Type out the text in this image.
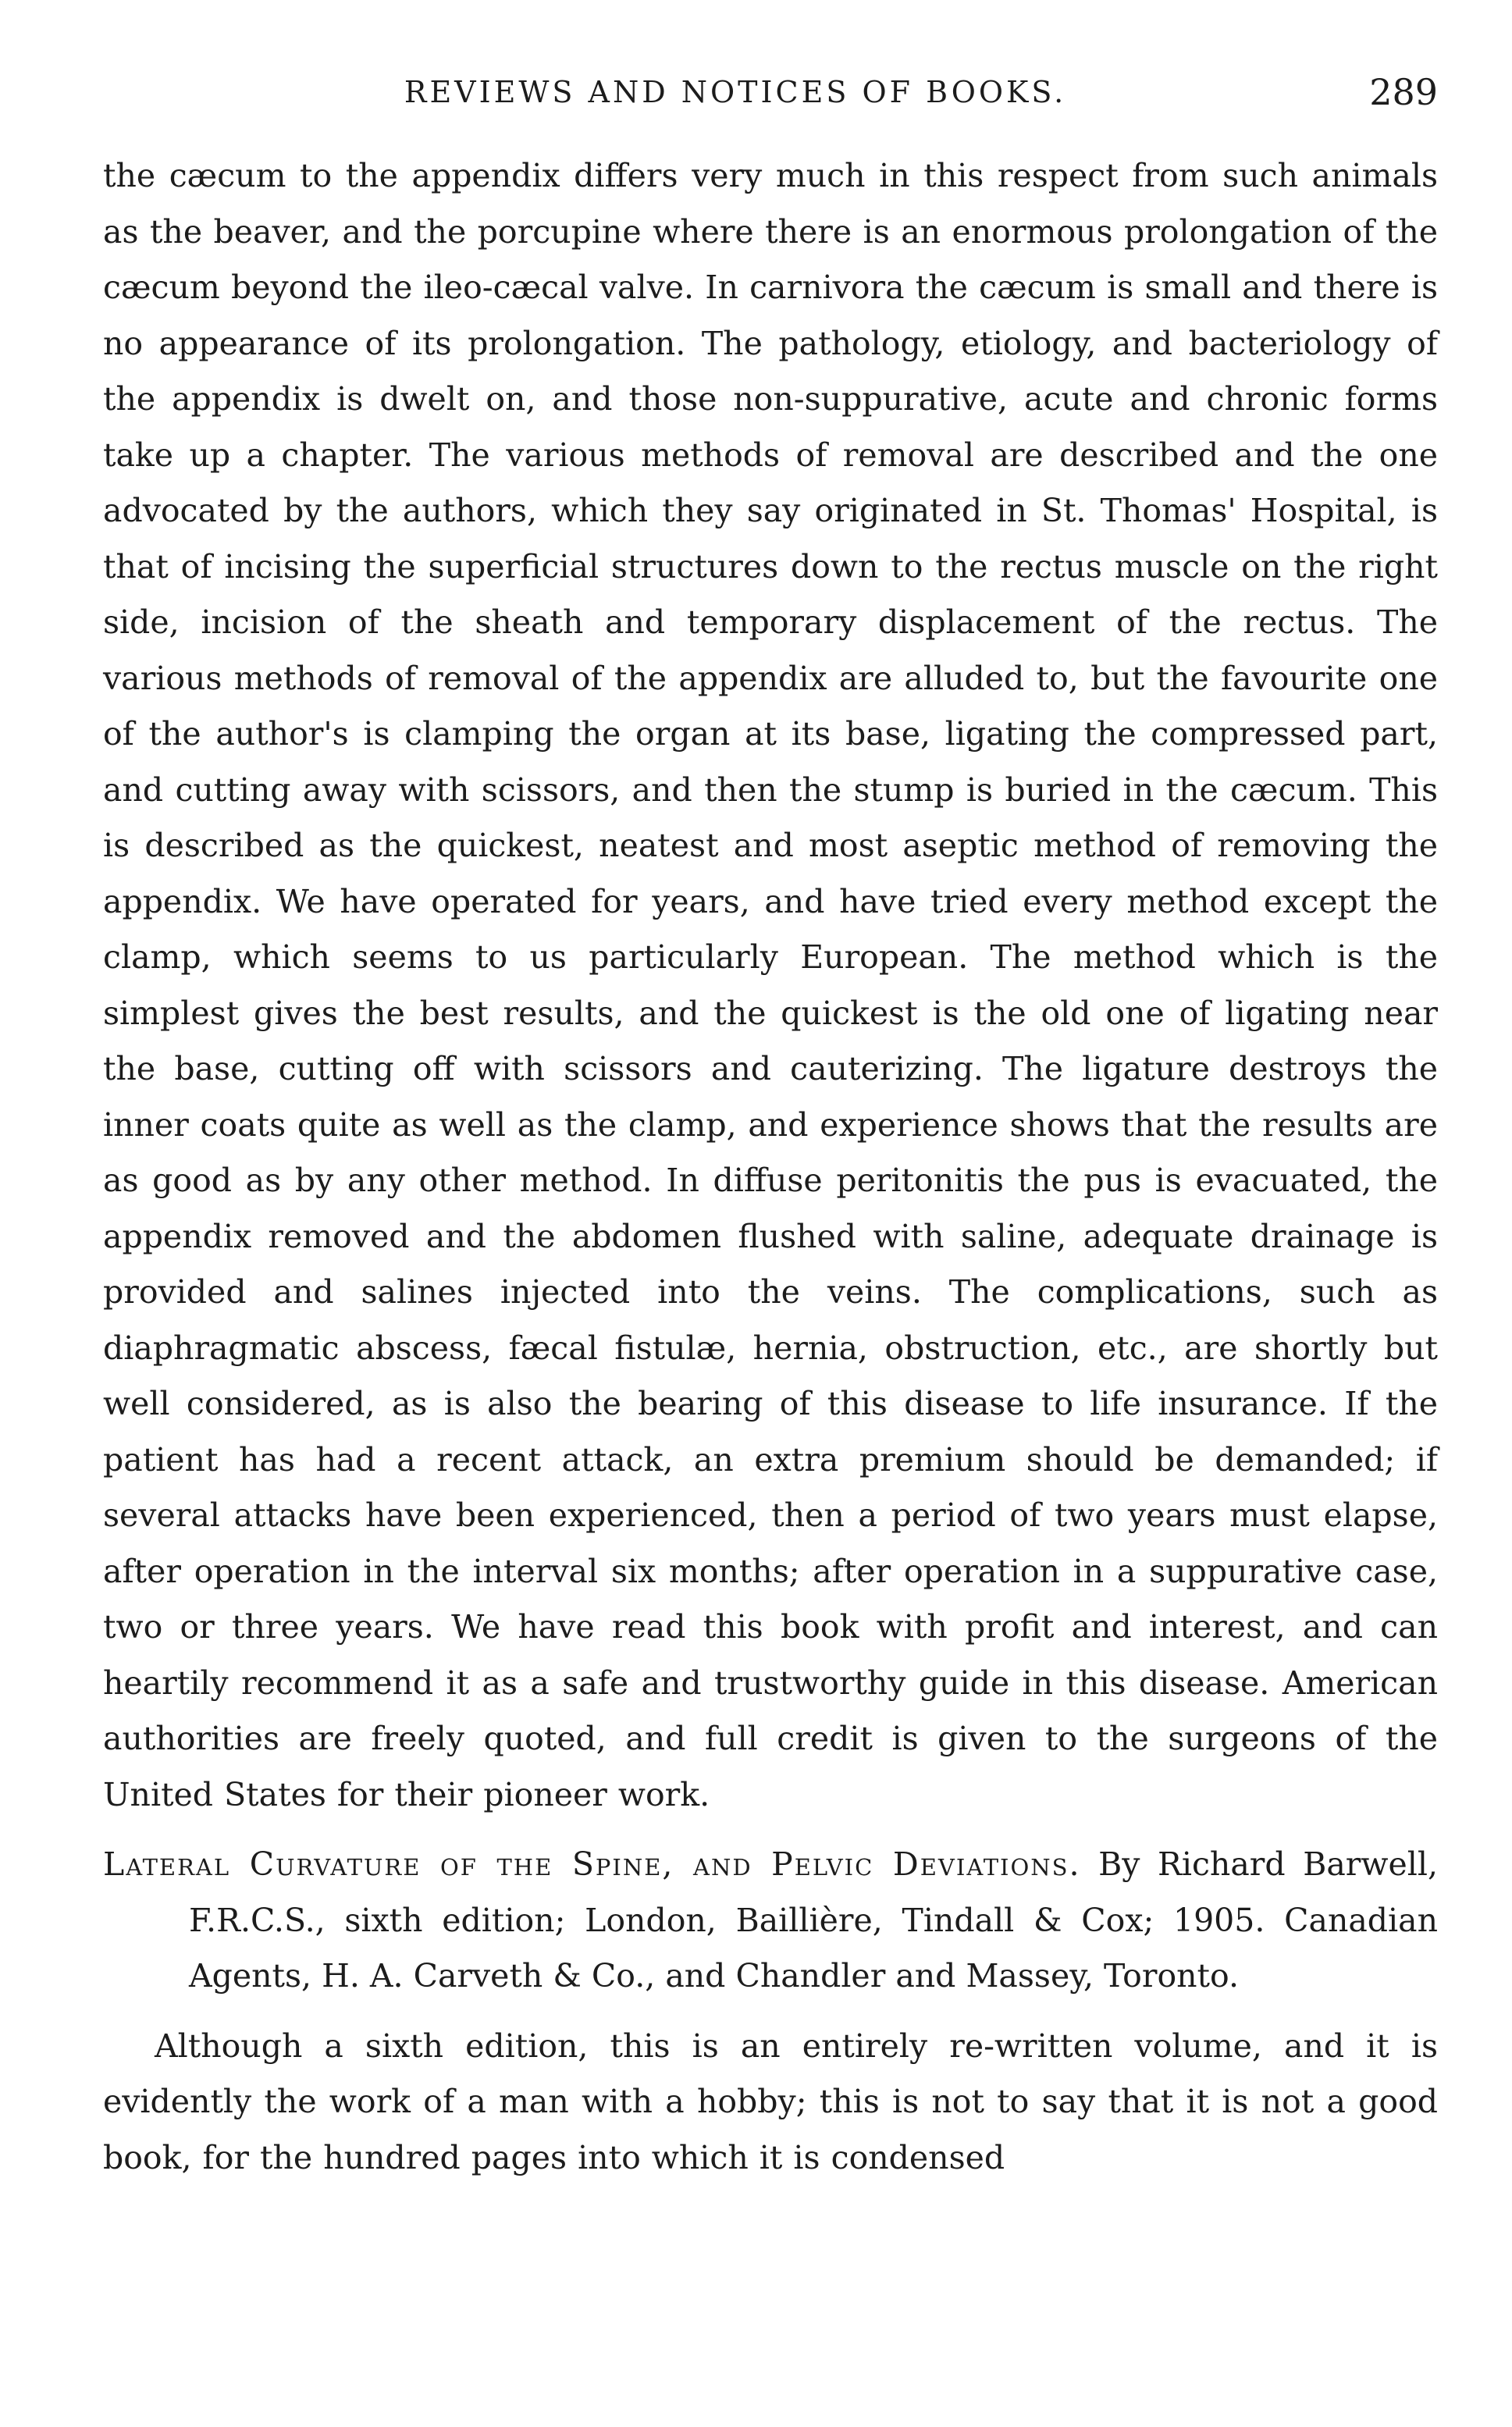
REVIEWS AND NOTICES OF BOOKS.	289

the cæcum to the appendix differs very much in this respect from such animals as the beaver, and the porcupine where there is an enormous prolongation of the cæcum beyond the ileo-cæcal valve. In carnivora the cæcum is small and there is no appearance of its prolongation. The pathology, etiology, and bacteriology of the appendix is dwelt on, and those non-suppurative, acute and chronic forms take up a chapter. The various methods of removal are described and the one advocated by the authors, which they say originated in St. Thomas' Hospital, is that of incising the superficial structures down to the rectus muscle on the right side, incision of the sheath and temporary displacement of the rectus. The various methods of removal of the appendix are alluded to, but the favourite one of the author's is clamping the organ at its base, ligating the compressed part, and cutting away with scissors, and then the stump is buried in the cæcum. This is described as the quickest, neatest and most aseptic method of removing the appendix. We have operated for years, and have tried every method except the clamp, which seems to us particularly European. The method which is the simplest gives the best results, and the quickest is the old one of ligating near the base, cutting off with scissors and cauterizing. The ligature destroys the inner coats quite as well as the clamp, and experience shows that the results are as good as by any other method. In diffuse peritonitis the pus is evacuated, the appendix removed and the abdomen flushed with saline, adequate drainage is provided and salines injected into the veins. The complications, such as diaphragmatic abscess, fæcal fistulæ, hernia, obstruction, etc., are shortly but well considered, as is also the bearing of this disease to life insurance. If the patient has had a recent attack, an extra premium should be demanded; if several attacks have been experienced, then a period of two years must elapse, after operation in the interval six months; after operation in a suppurative case, two or three years. We have read this book with profit and interest, and can heartily recommend it as a safe and trustworthy guide in this disease. American authorities are freely quoted, and full credit is given to the surgeons of the United States for their pioneer work.

Lateral Curvature of the Spine, and Pelvic Deviations. By Richard Barwell, F.R.C.S., sixth edition; London, Baillière, Tindall & Cox; 1905. Canadian Agents, H. A. Carveth & Co., and Chandler and Massey, Toronto.

Although a sixth edition, this is an entirely re-written volume, and it is evidently the work of a man with a hobby; this is not to say that it is not a good book, for the hundred pages into which it is condensed
